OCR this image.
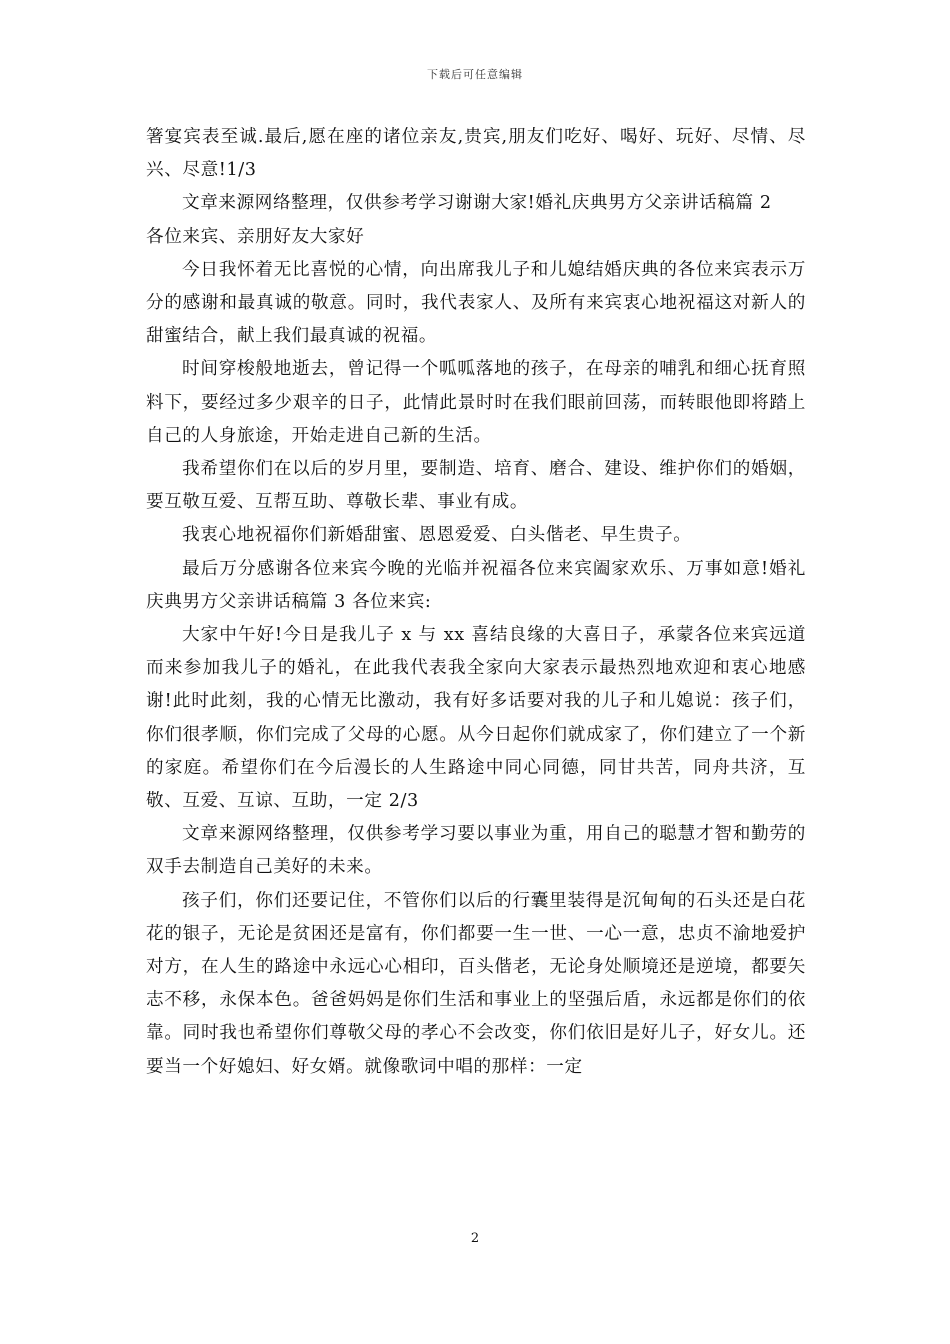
下载后可任意编辑

箸宴宾表至诚.最后,愿在座的诸位亲友,贵宾,朋友们吃好、喝好、玩好、尽情、尽兴、尽意!1/3

文章来源网络整理，仅供参考学习谢谢大家!婚礼庆典男方父亲讲话稿篇 2

各位来宾、亲朋好友大家好

今日我怀着无比喜悦的心情，向出席我儿子和儿媳结婚庆典的各位来宾表示万分的感谢和最真诚的敬意。同时，我代表家人、及所有来宾衷心地祝福这对新人的甜蜜结合，献上我们最真诚的祝福。

时间穿梭般地逝去，曾记得一个呱呱落地的孩子，在母亲的哺乳和细心抚育照料下，要经过多少艰辛的日子，此情此景时时在我们眼前回荡，而转眼他即将踏上自己的人身旅途，开始走进自己新的生活。

我希望你们在以后的岁月里，要制造、培育、磨合、建设、维护你们的婚姻，要互敬互爱、互帮互助、尊敬长辈、事业有成。

我衷心地祝福你们新婚甜蜜、恩恩爱爱、白头偕老、早生贵子。

最后万分感谢各位来宾今晚的光临并祝福各位来宾阖家欢乐、万事如意!婚礼庆典男方父亲讲话稿篇 3 各位来宾:

大家中午好!今日是我儿子 x 与 xx 喜结良缘的大喜日子，承蒙各位来宾远道而来参加我儿子的婚礼，在此我代表我全家向大家表示最热烈地欢迎和衷心地感谢!此时此刻，我的心情无比激动，我有好多话要对我的儿子和儿媳说：孩子们，你们很孝顺，你们完成了父母的心愿。从今日起你们就成家了，你们建立了一个新的家庭。希望你们在今后漫长的人生路途中同心同德，同甘共苦，同舟共济，互敬、互爱、互谅、互助，一定 2/3

文章来源网络整理，仅供参考学习要以事业为重，用自己的聪慧才智和勤劳的双手去制造自己美好的未来。

孩子们，你们还要记住，不管你们以后的行囊里装得是沉甸甸的石头还是白花花的银子，无论是贫困还是富有，你们都要一生一世、一心一意，忠贞不渝地爱护对方，在人生的路途中永远心心相印，百头偕老，无论身处顺境还是逆境，都要矢志不移，永保本色。爸爸妈妈是你们生活和事业上的坚强后盾，永远都是你们的依靠。同时我也希望你们尊敬父母的孝心不会改变，你们依旧是好儿子，好女儿。还要当一个好媳妇、好女婿。就像歌词中唱的那样：一定

2
